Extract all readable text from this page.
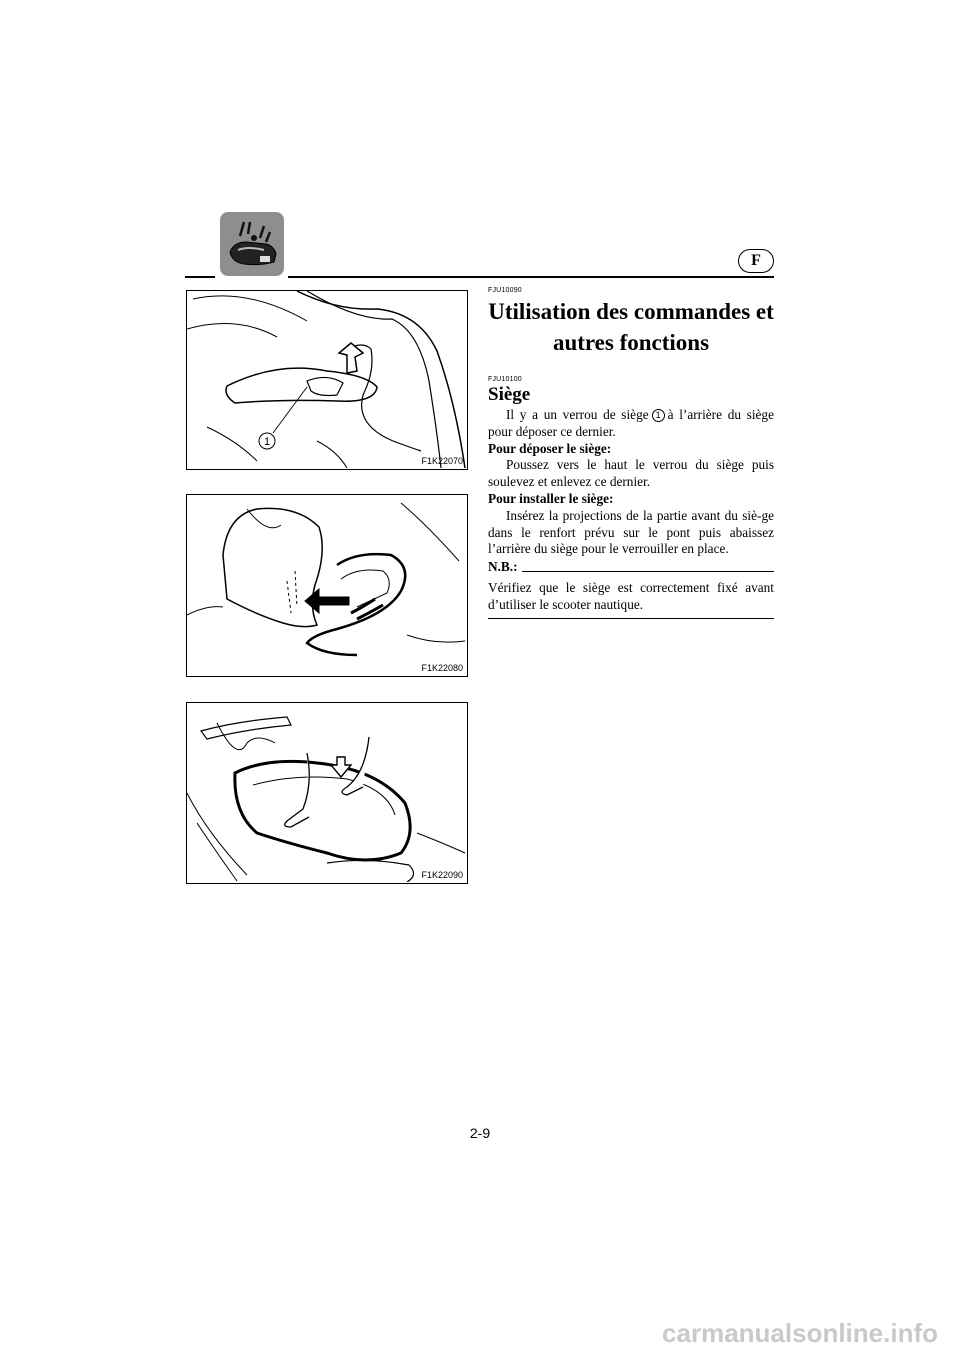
F
1
F1K22070
F1K22080
F1K22090
FJU10090
Utilisation des commandes et autres fonctions
FJU10100
Siège

Il y a un verrou de siège 1 à l’arrière du siège pour déposer ce dernier.

Pour déposer le siège:

Poussez vers le haut le verrou du siège puis soulevez et enlevez ce dernier.

Pour installer le siège:

Insérez la projections de la partie avant du siè-ge dans le renfort prévu sur le pont puis abaissez l’arrière du siège pour le verrouiller en place.

N.B.:

Vérifiez que le siège est correctement fixé avant d’utiliser le scooter nautique.

2-9
carmanualsonline.info
